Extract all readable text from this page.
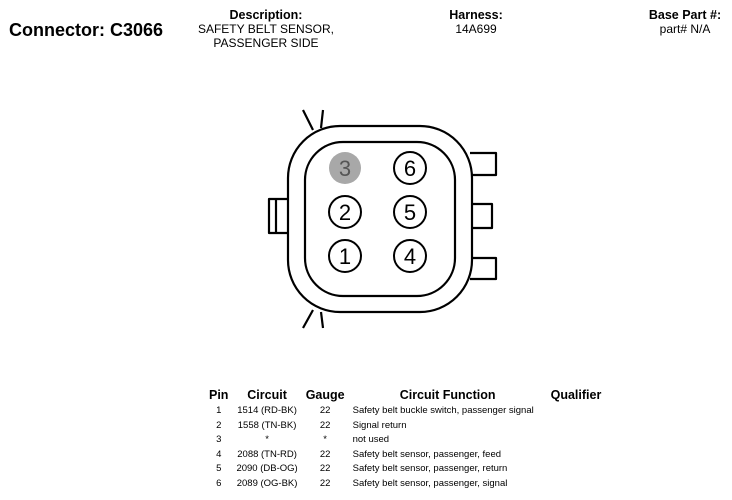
Connector: C3066
Description:
SAFETY BELT SENSOR,
PASSENGER SIDE
Harness:
14A699
Base Part #:
part# N/A
3 6
2 5
1 4
Pin	Circuit	Gauge	Circuit Function	Qualifier
1	1514 (RD-BK)	22	Safety belt buckle switch, passenger signal	
2	1558 (TN-BK)	22	Signal return	
3	*	*	not used	
4	2088 (TN-RD)	22	Safety belt sensor, passenger, feed	
5	2090 (DB-OG)	22	Safety belt sensor, passenger, return	
6	2089 (OG-BK)	22	Safety belt sensor, passenger, signal	
